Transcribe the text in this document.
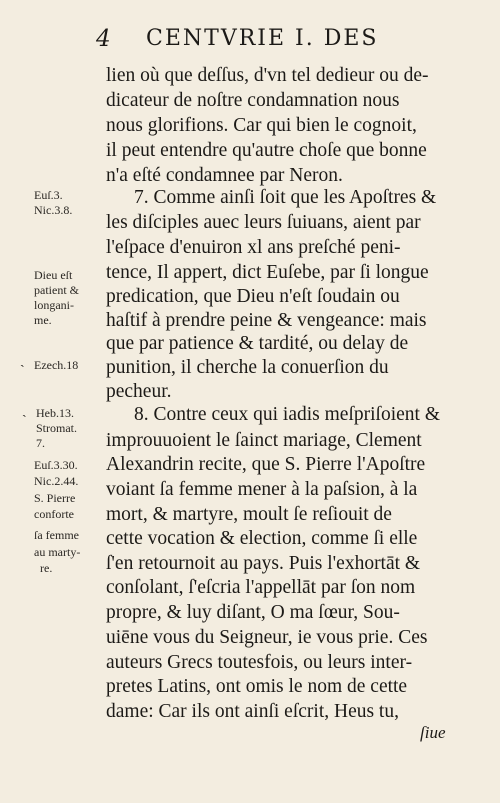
4 CENTVRIE I. DES
lien où que deſſus, d'vn tel dedieur ou de-
dicateur de noſtre condamnation nous
nous glorifions. Car qui bien le cognoit,
il peut entendre qu'autre choſe que bonne
n'a eſté condamnee par Neron.
7. Comme ainſi ſoit que les Apoſtres &
les diſciples auec leurs ſuiuans, aient par
l'eſpace d'enuiron xl ans preſché peni-
tence, Il appert, dict Euſebe, par ſi longue
predication, que Dieu n'eſt ſoudain ou
haſtif à prendre peine & vengeance: mais
que par patience & tardité, ou delay de
punition, il cherche la conuerſion du
pecheur.
8. Contre ceux qui iadis meſpriſoient &
improuuoient le ſainct mariage, Clement
Alexandrin recite, que S. Pierre l'Apoſtre
voiant ſa femme mener à la paſsion, à la
mort, & martyre, moult ſe reſiouit de
cette vocation & election, comme ſi elle
ſ'en retournoit au pays. Puis l'exhortāt &
conſolant, ſ'eſcria l'appellāt par ſon nom
propre, & luy diſant, O ma ſœur, Sou-
uiēne vous du Seigneur, ie vous prie. Ces
auteurs Grecs toutesfois, ou leurs inter-
pretes Latins, ont omis le nom de cette
dame: Car ils ont ainſi eſcrit, Heus tu,
Euſ.3.
Nic.3.8.
Dieu eſt
patient &
longani-
me.
Ezech.18
ˎ
Heb.13.
ˎ
Stromat.
7.
Euſ.3.30.
Nic.2.44.
S. Pierre
conforte
ſa femme
au marty-
re.
ſiue
